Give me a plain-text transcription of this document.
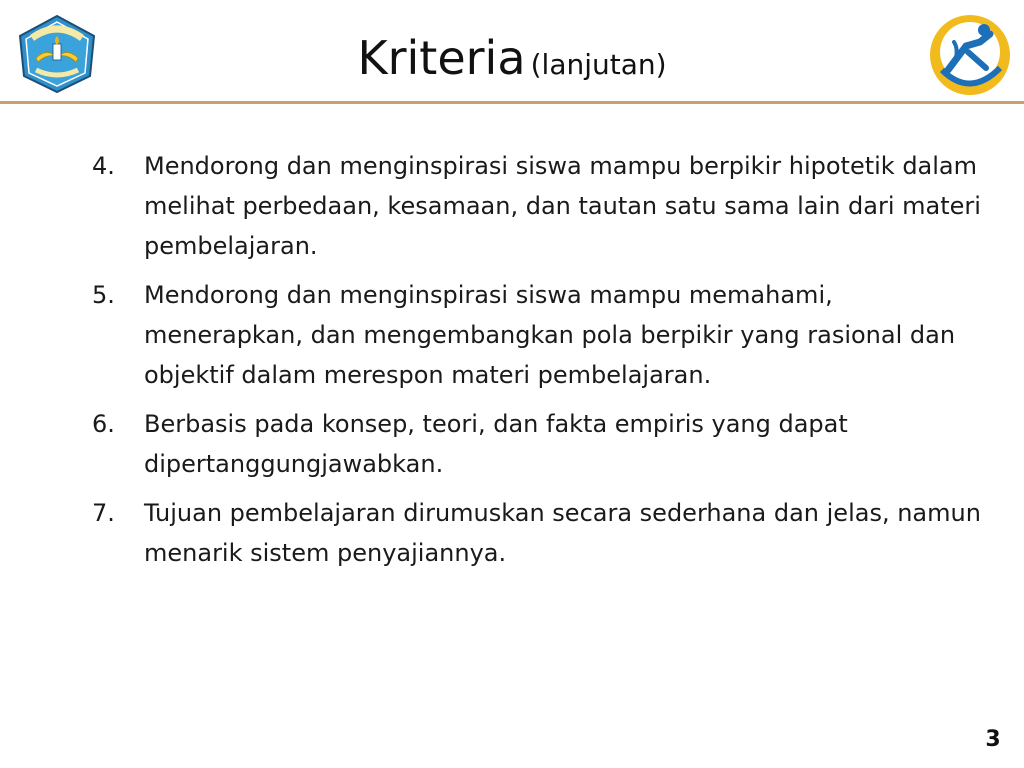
Kriteria (lanjutan)
4.	Mendorong dan menginspirasi siswa mampu berpikir hipotetik dalam melihat perbedaan, kesamaan, dan tautan satu sama lain dari materi pembelajaran.
5.	Mendorong dan menginspirasi siswa mampu memahami, menerapkan, dan mengembangkan pola berpikir yang rasional dan objektif dalam merespon materi pembelajaran.
6.	Berbasis pada konsep, teori, dan fakta empiris yang dapat dipertanggungjawabkan.
7.	Tujuan pembelajaran dirumuskan secara sederhana dan jelas, namun menarik sistem penyajiannya.
3
